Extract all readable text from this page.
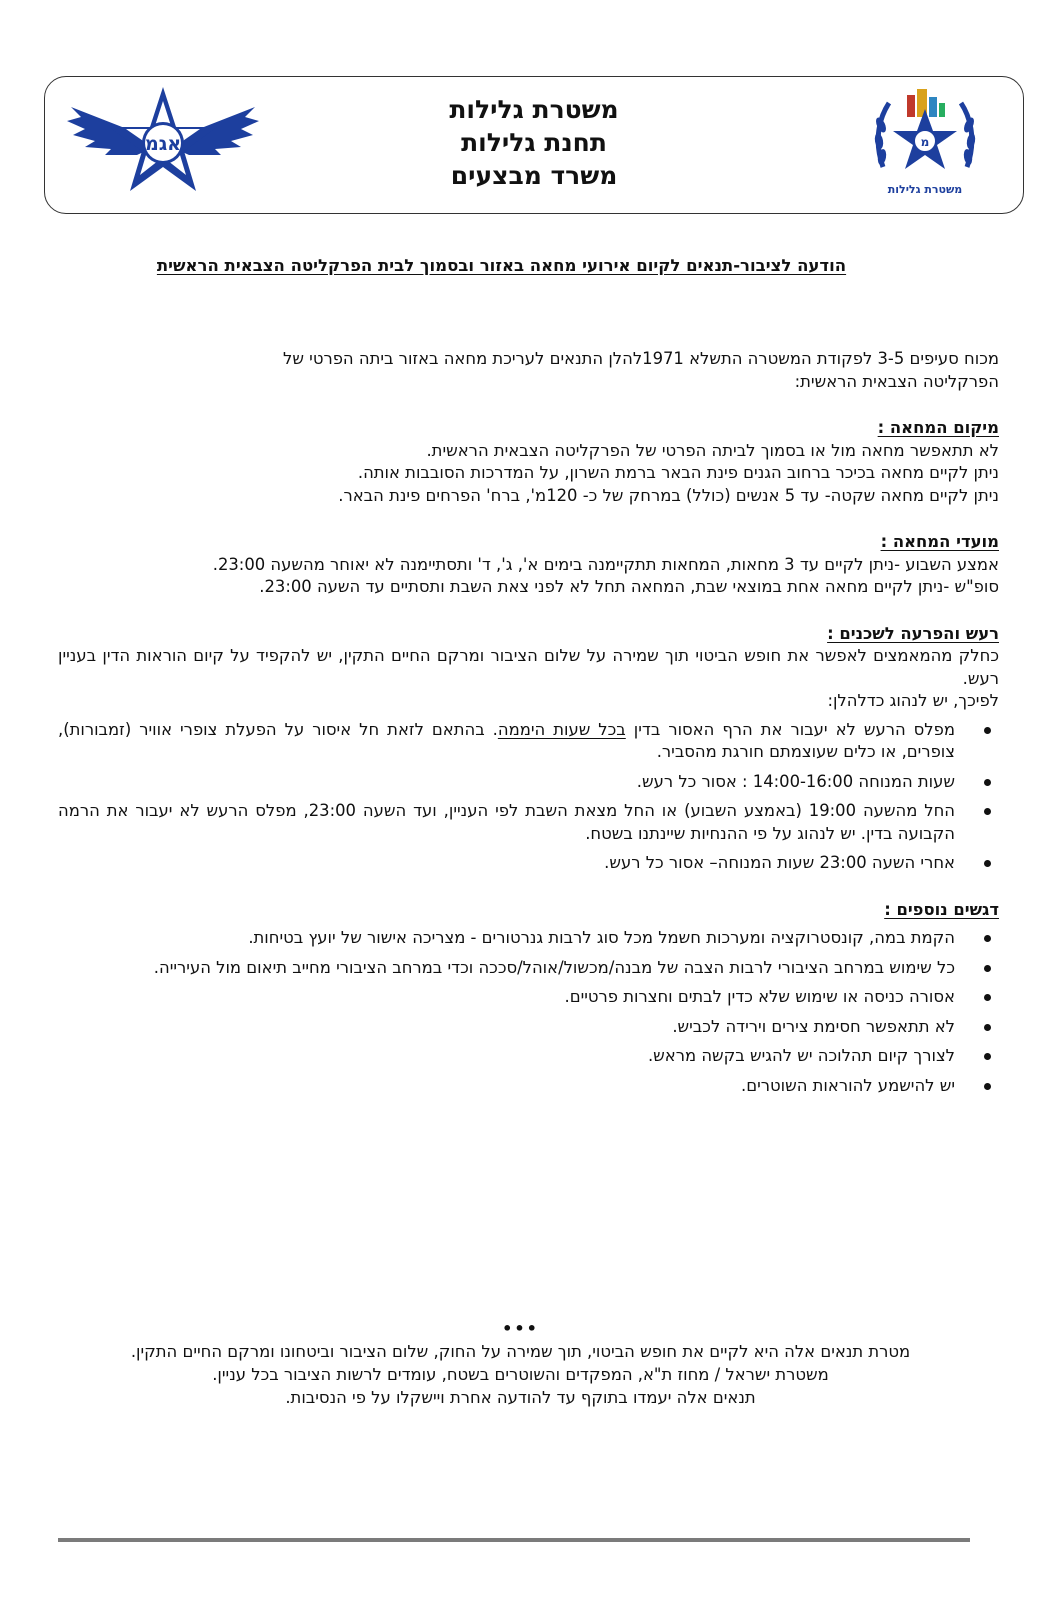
אגמ
משטרת גלילות
תחנת גלילות
משרד מבצעים
מ
משטרת גלילות
הודעה לציבור-תנאים לקיום אירועי מחאה באזור ובסמוך לבית הפרקליטה הצבאית הראשית

מכוח סעיפים 3-5 לפקודת המשטרה התשלא 1971להלן התנאים לעריכת מחאה באזור ביתה הפרטי של

הפרקליטה הצבאית הראשית:

מיקום המחאה :

לא תתאפשר מחאה מול או בסמוך לביתה הפרטי של הפרקליטה הצבאית הראשית.

ניתן לקיים מחאה בכיכר ברחוב הגנים פינת הבאר ברמת השרון, על המדרכות הסובבות אותה.

ניתן לקיים מחאה שקטה- עד 5 אנשים (כולל) במרחק של כ- 120מ', ברח' הפרחים פינת הבאר.

מועדי המחאה :

אמצע השבוע -ניתן לקיים עד 3 מחאות, המחאות תתקיימנה בימים א', ג', ד' ותסתיימנה לא יאוחר מהשעה 23:00.

סופ"ש -ניתן לקיים מחאה אחת במוצאי שבת, המחאה תחל לא לפני צאת השבת ותסתיים עד השעה 23:00.

רעש והפרעה לשכנים :

כחלק מהמאמצים לאפשר את חופש הביטוי תוך שמירה על שלום הציבור ומרקם החיים התקין, יש להקפיד על קיום הוראות הדין בעניין רעש.

לפיכך, יש לנהוג כדלהלן:

מפלס הרעש לא יעבור את הרף האסור בדין בכל שעות היממה. בהתאם לזאת חל איסור על הפעלת צופרי אוויר (זמבורות), צופרים, או כלים שעוצמתם חורגת מהסביר.
שעות המנוחה 14:00-16:00 : אסור כל רעש.
החל מהשעה 19:00 (באמצע השבוע) או החל מצאת השבת לפי העניין, ועד השעה 23:00, מפלס הרעש לא יעבור את הרמה הקבועה בדין. יש לנהוג על פי ההנחיות שיינתנו בשטח.
אחרי השעה 23:00 שעות המנוחה– אסור כל רעש.

דגשים נוספים :

הקמת במה, קונסטרוקציה ומערכות חשמל מכל סוג לרבות גנרטורים - מצריכה אישור של יועץ בטיחות.
כל שימוש במרחב הציבורי לרבות הצבה של מבנה/מכשול/אוהל/סככה וכדי במרחב הציבורי מחייב תיאום מול העירייה.
אסורה כניסה או שימוש שלא כדין לבתים וחצרות פרטיים.
לא תתאפשר חסימת צירים וירידה לכביש.
לצורך קיום תהלוכה יש להגיש בקשה מראש.
יש להישמע להוראות השוטרים.
•••

מטרת תנאים אלה היא לקיים את חופש הביטוי, תוך שמירה על החוק, שלום הציבור וביטחונו ומרקם החיים התקין.

משטרת ישראל / מחוז ת"א, המפקדים והשוטרים בשטח, עומדים לרשות הציבור בכל עניין.

תנאים אלה יעמדו בתוקף עד להודעה אחרת ויישקלו על פי הנסיבות.
